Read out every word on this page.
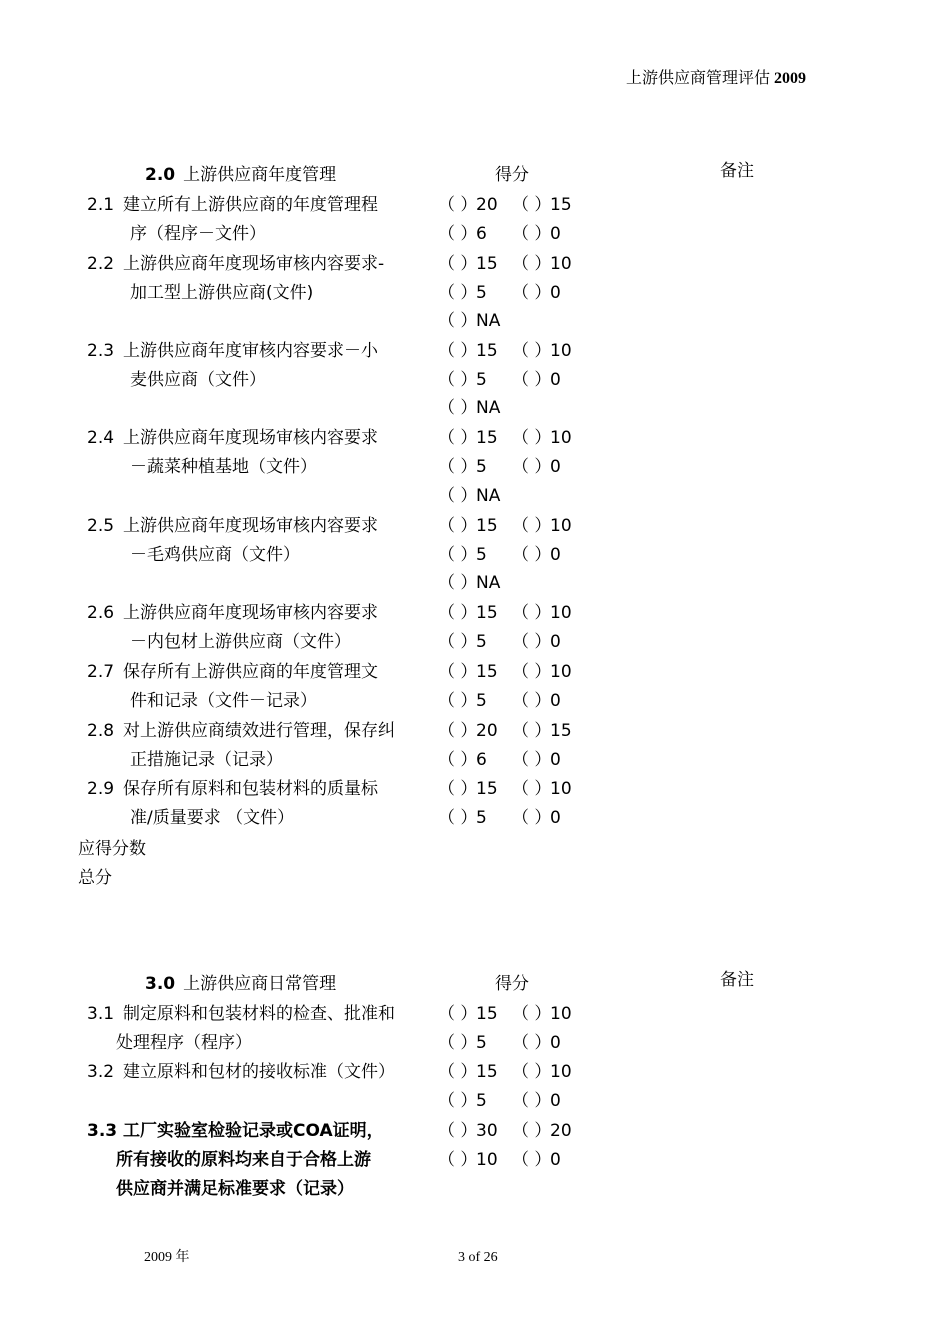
上游供应商管理评估 2009
2.0 上游供应商年度管理	得分	备注
2.1 建立所有上游供应商的年度管理程
序（程序－文件）
（ ）20 （ ）15
（ ）6 （ ）0
2.2 上游供应商年度现场审核内容要求-
加工型上游供应商(文件)
（ ）15 （ ）10
（ ）5 （ ）0
（ ）NA
2.3 上游供应商年度审核内容要求－小
麦供应商（文件）
（ ）15 （ ）10
（ ）5 （ ）0
（ ）NA
2.4 上游供应商年度现场审核内容要求
－蔬菜种植基地（文件）
（ ）15 （ ）10
（ ）5 （ ）0
（ ）NA
2.5 上游供应商年度现场审核内容要求
－毛鸡供应商（文件）
（ ）15 （ ）10
（ ）5 （ ）0
（ ）NA
2.6 上游供应商年度现场审核内容要求
－内包材上游供应商（文件）
（ ）15 （ ）10
（ ）5 （ ）0
2.7 保存所有上游供应商的年度管理文
件和记录（文件－记录）
（ ）15 （ ）10
（ ）5 （ ）0
2.8 对上游供应商绩效进行管理，保存纠
正措施记录（记录）
（ ）20 （ ）15
（ ）6 （ ）0
2.9 保存所有原料和包装材料的质量标
准/质量要求 （文件）
（ ）15 （ ）10
（ ）5 （ ）0
应得分数
总分
3.0 上游供应商日常管理	得分	备注
3.1 制定原料和包装材料的检查、批准和
处理程序（程序）
（ ）15 （ ）10
（ ）5 （ ）0
3.2 建立原料和包材的接收标准（文件）	（ ）15 （ ）10
（ ）5 （ ）0
3.3 工厂实验室检验记录或COA证明，
所有接收的原料均来自于合格上游
供应商并满足标准要求（记录）
（ ）30 （ ）20
（ ）10 （ ）0
2009 年	3 of 26
